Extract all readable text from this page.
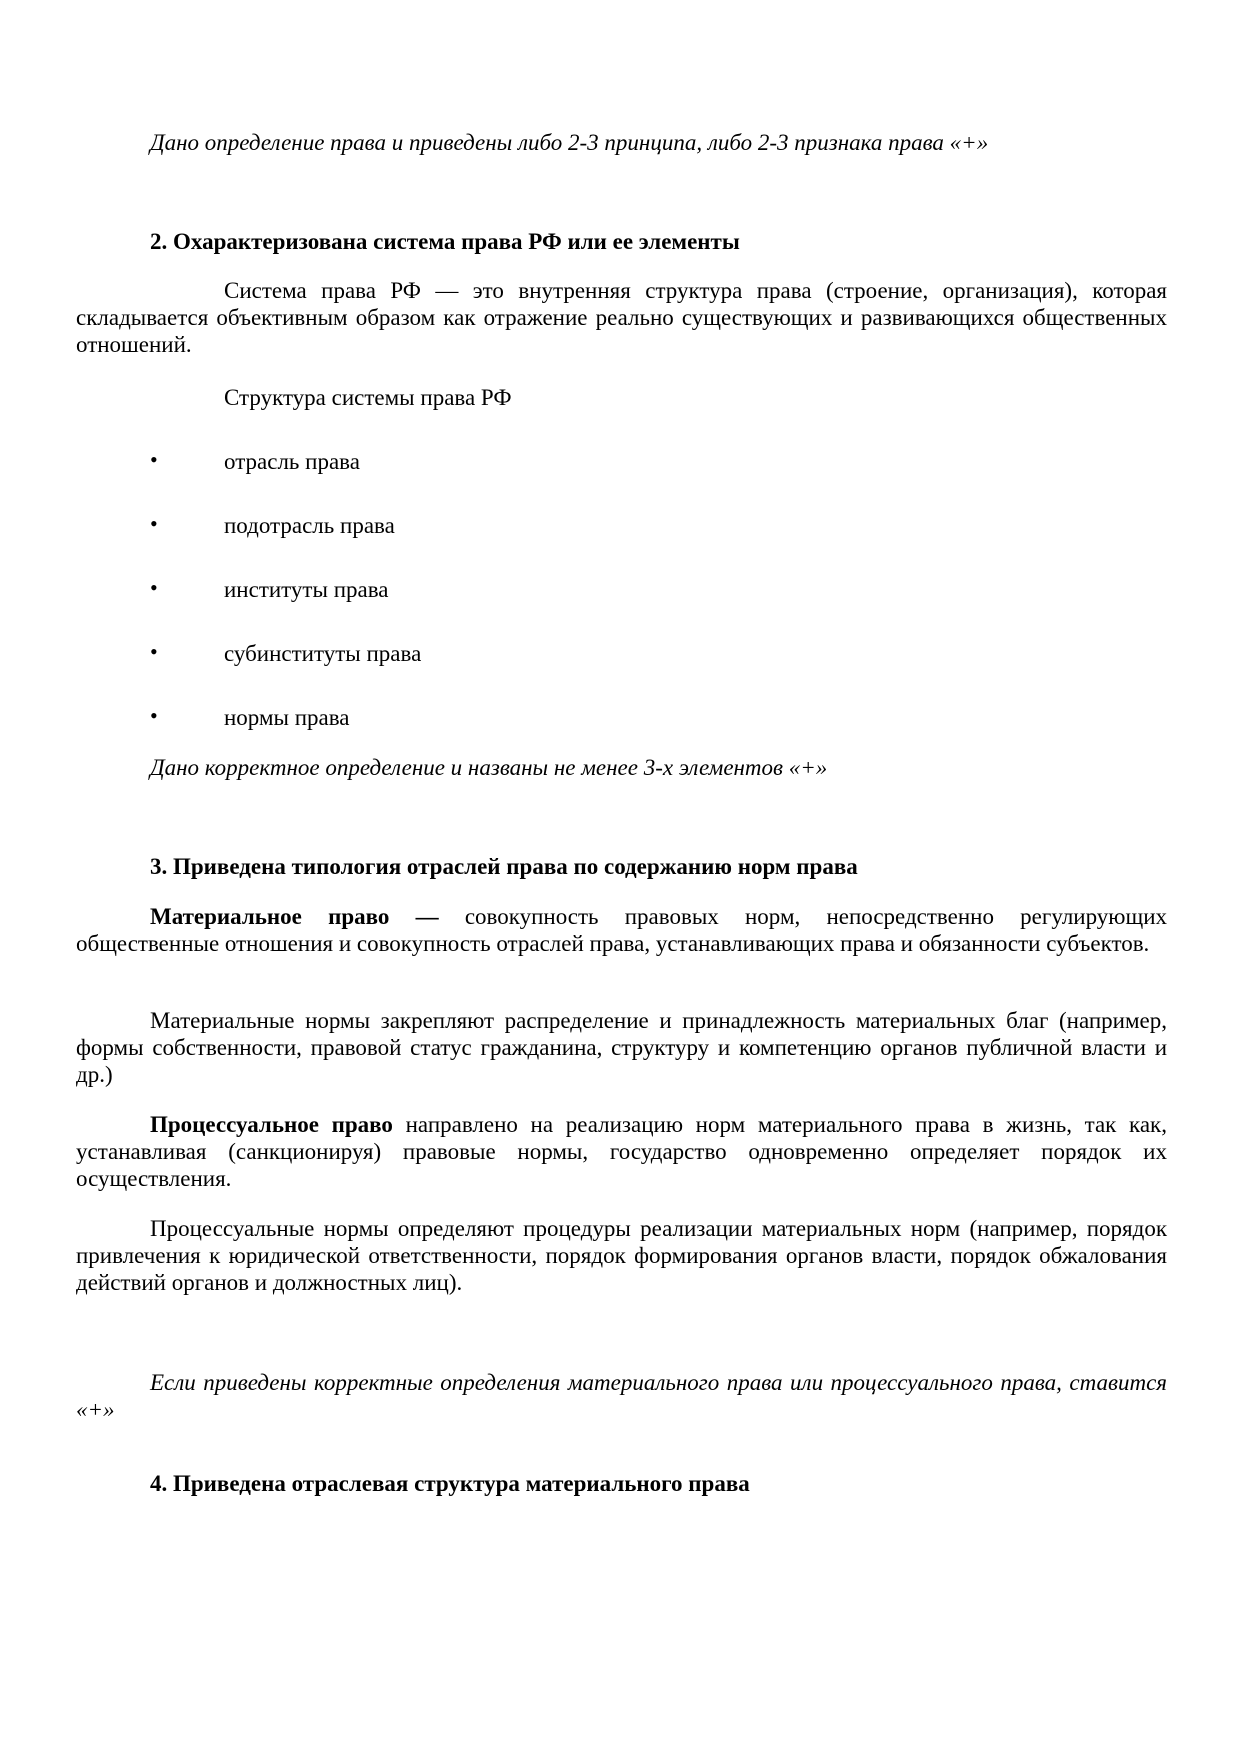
Дано определение права и приведены либо 2-3 принципа, либо 2-3 признака права «+»

2. Охарактеризована система права РФ или ее элементы

Система права РФ — это внутренняя структура права (строение, организация), которая складывается объективным образом как отражение реально существующих и развивающихся общественных отношений.

Структура системы права РФ

•	отрасль права
•	подотрасль права
•	институты права
•	субинституты права
•	нормы права

Дано корректное определение и названы не менее 3-х элементов «+»

3. Приведена типология отраслей права по содержанию норм права

Материальное право — совокупность правовых норм, непосредственно регулирующих общественные отношения и совокупность отраслей права, устанавливающих права и обязанности субъектов.

Материальные нормы закрепляют распределение и принадлежность материальных благ (например, формы собственности, правовой статус гражданина, структуру и компетенцию органов публичной власти и др.)

Процессуальное право направлено на реализацию норм материального права в жизнь, так как, устанавливая (санкционируя) правовые нормы, государство одновременно определяет порядок их осуществления.

Процессуальные нормы определяют процедуры реализации материальных норм (например, порядок привлечения к юридической ответственности, порядок формирования органов власти, порядок обжалования действий органов и должностных лиц).

Если приведены корректные определения материального права или процессуального права, ставится «+»

4. Приведена отраслевая структура материального права
